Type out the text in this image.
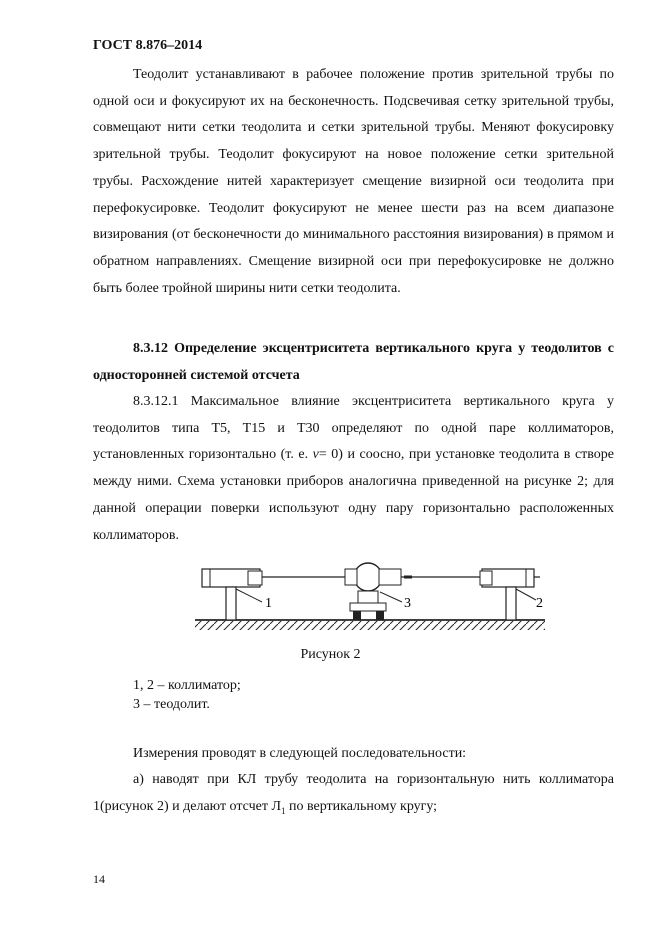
ГОСТ 8.876–2014
Теодолит устанавливают в рабочее положение против зрительной трубы по одной оси и фокусируют их на бесконечность. Подсвечивая сетку зрительной трубы, совмещают нити сетки теодолита и сетки зрительной трубы. Меняют фокусировку зрительной трубы. Теодолит фокусируют на новое положение сетки зрительной трубы. Расхождение нитей характеризует смещение визирной оси теодолита при перефокусировке. Теодолит фокусируют не менее шести раз на всем диапазоне визирования (от бесконечности до минимального расстояния визирования) в прямом и обратном направлениях. Смещение визирной оси при перефокусировке не должно быть более тройной ширины нити сетки теодолита.
8.3.12 Определение эксцентриситета вертикального круга у теодолитов с односторонней системой отсчета
8.3.12.1 Максимальное влияние эксцентриситета вертикального круга у теодолитов типа Т5, Т15 и Т30 определяют по одной паре коллиматоров, установленных горизонтально (т. е. ν= 0) и соосно, при установке теодолита в створе между ними. Схема установки приборов аналогична приведенной на рисунке 2; для данной операции поверки используют одну пару горизонтально расположенных коллиматоров.
1	3	2
Рисунок 2
1, 2 – коллиматор;
3 – теодолит.
Измерения проводят в следующей последовательности:
а) наводят при КЛ трубу теодолита на горизонтальную нить коллиматора 1(рисунок 2) и делают отсчет $Л_1$ по вертикальному кругу;
14
